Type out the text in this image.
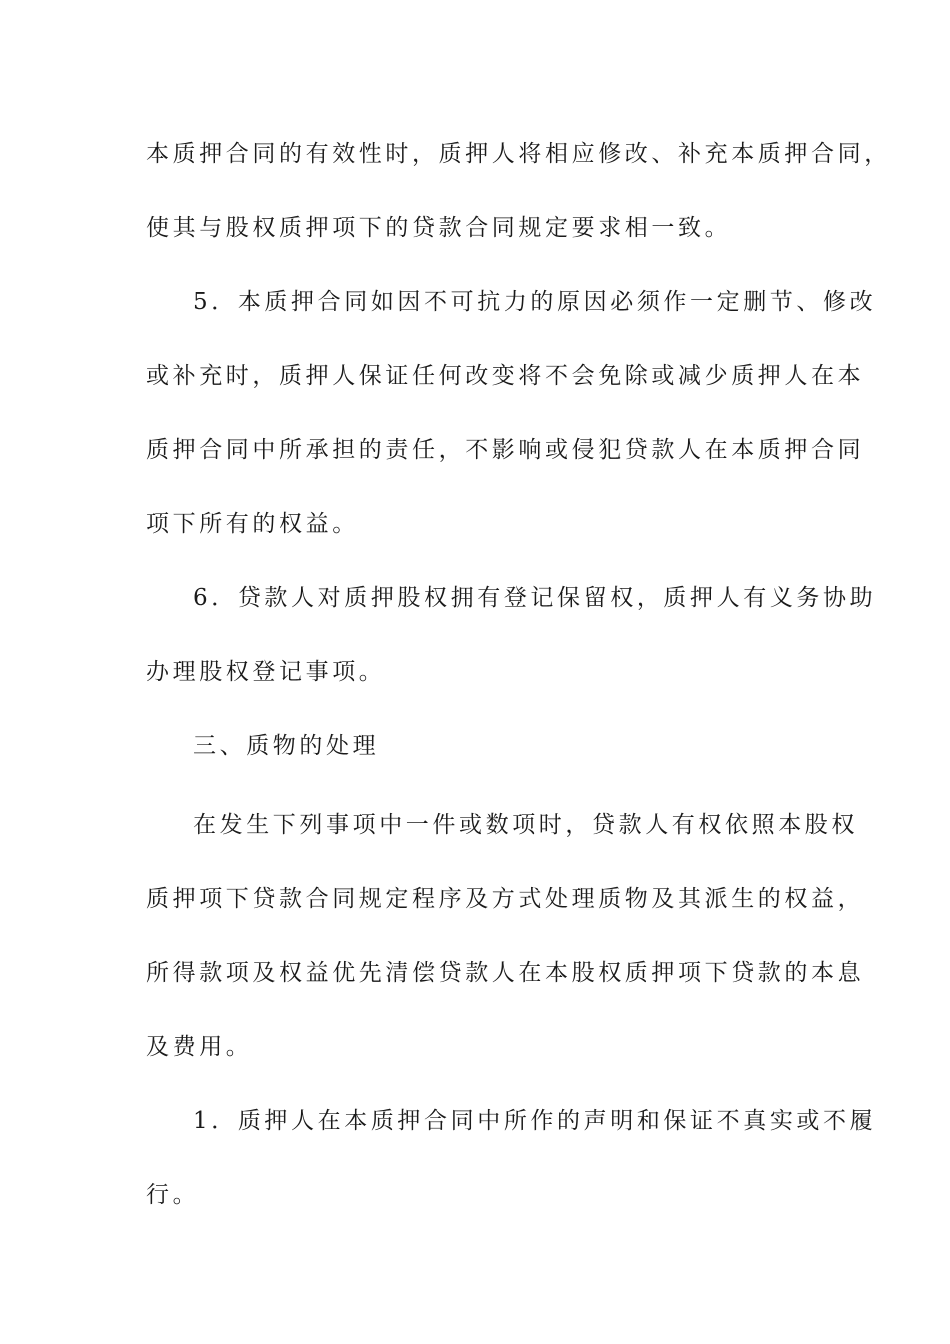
本质押合同的有效性时，质押人将相应修改、补充本质押合同，
使其与股权质押项下的贷款合同规定要求相一致。
5．本质押合同如因不可抗力的原因必须作一定删节、修改
或补充时，质押人保证任何改变将不会免除或减少质押人在本
质押合同中所承担的责任，不影响或侵犯贷款人在本质押合同
项下所有的权益。
6．贷款人对质押股权拥有登记保留权，质押人有义务协助
办理股权登记事项。
三、质物的处理
在发生下列事项中一件或数项时，贷款人有权依照本股权
质押项下贷款合同规定程序及方式处理质物及其派生的权益，
所得款项及权益优先清偿贷款人在本股权质押项下贷款的本息
及费用。
1．质押人在本质押合同中所作的声明和保证不真实或不履
行。
